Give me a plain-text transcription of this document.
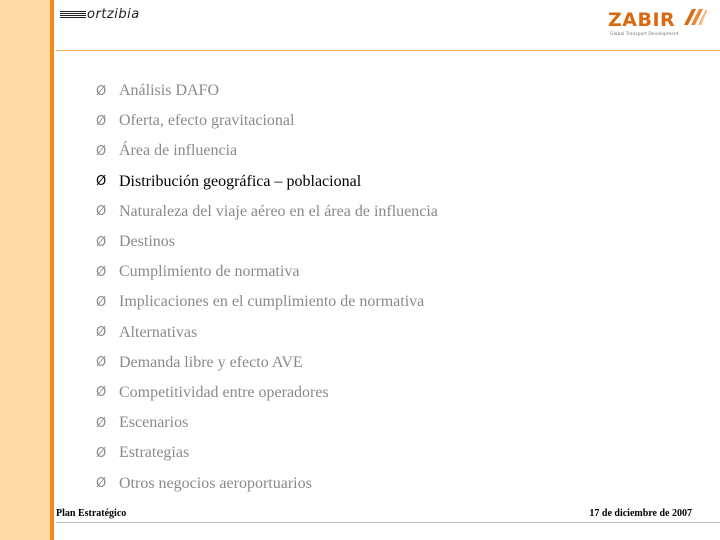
ortzibia	ZABIR
Global Transport Development
Ø Análisis DAFO
Ø Oferta, efecto gravitacional
Ø Área de influencia
Ø Distribución geográfica – poblacional
Ø Naturaleza del viaje aéreo en el área de influencia
Ø Destinos
Ø Cumplimiento de normativa
Ø Implicaciones en el cumplimiento de normativa
Ø Alternativas
Ø Demanda libre y efecto AVE
Ø Competitividad entre operadores
Ø Escenarios
Ø Estrategias
Ø Otros negocios aeroportuarios
Plan Estratégico	17 de diciembre de 2007
